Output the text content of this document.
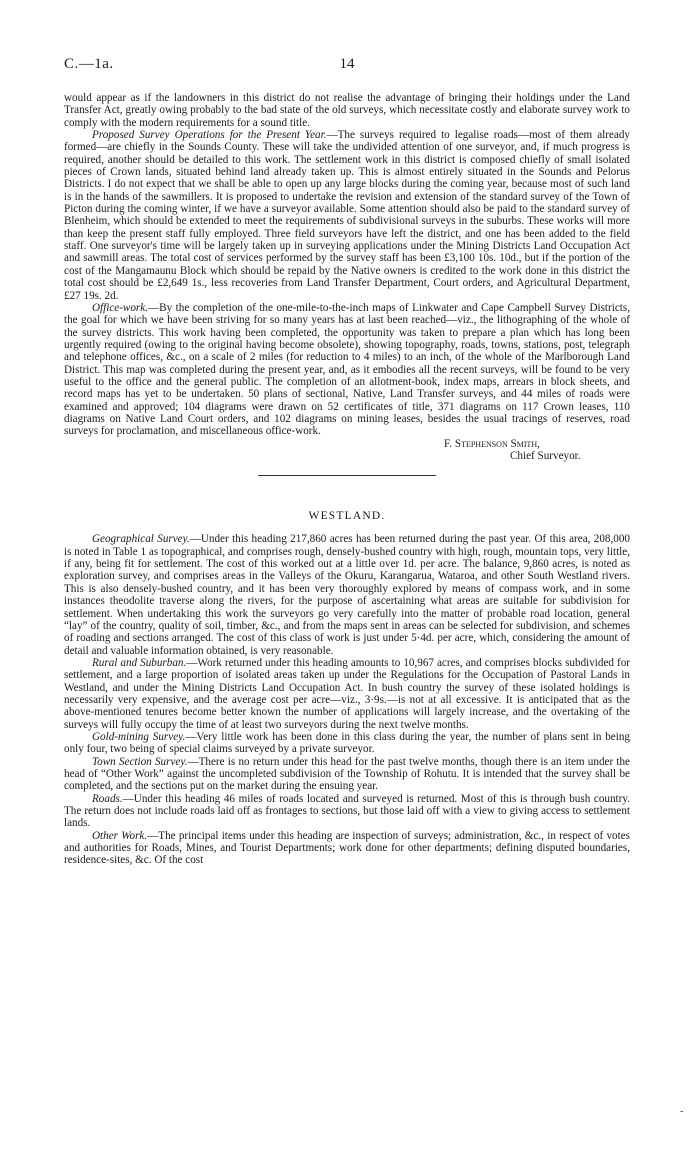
C.—1a.	14

would appear as if the landowners in this district do not realise the advantage of bringing their holdings under the Land Transfer Act, greatly owing probably to the bad state of the old surveys, which necessitate costly and elaborate survey work to comply with the modern requirements for a sound title.

Proposed Survey Operations for the Present Year.—The surveys required to legalise roads—most of them already formed—are chiefly in the Sounds County. These will take the undivided attention of one surveyor, and, if much progress is required, another should be detailed to this work. The settlement work in this district is composed chiefly of small isolated pieces of Crown lands, situated behind land already taken up. This is almost entirely situated in the Sounds and Pelorus Districts. I do not expect that we shall be able to open up any large blocks during the coming year, because most of such land is in the hands of the sawmillers. It is proposed to undertake the revision and extension of the standard survey of the Town of Picton during the coming winter, if we have a surveyor available. Some attention should also be paid to the standard survey of Blenheim, which should be extended to meet the requirements of subdivisional surveys in the suburbs. These works will more than keep the present staff fully employed. Three field surveyors have left the district, and one has been added to the field staff. One surveyor's time will be largely taken up in surveying applications under the Mining Districts Land Occupation Act and sawmill areas. The total cost of services performed by the survey staff has been £3,100 10s. 10d., but if the portion of the cost of the Mangamaunu Block which should be repaid by the Native owners is credited to the work done in this district the total cost should be £2,649 1s., less recoveries from Land Transfer Department, Court orders, and Agricultural Department, £27 19s. 2d.

Office-work.—By the completion of the one-mile-to-the-inch maps of Linkwater and Cape Campbell Survey Districts, the goal for which we have been striving for so many years has at last been reached—viz., the lithographing of the whole of the survey districts. This work having been completed, the opportunity was taken to prepare a plan which has long been urgently required (owing to the original having become obsolete), showing topography, roads, towns, stations, post, telegraph and telephone offices, &c., on a scale of 2 miles (for reduction to 4 miles) to an inch, of the whole of the Marlborough Land District. This map was completed during the present year, and, as it embodies all the recent surveys, will be found to be very useful to the office and the general public. The completion of an allotment-book, index maps, arrears in block sheets, and record maps has yet to be undertaken. 50 plans of sectional, Native, Land Transfer surveys, and 44 miles of roads were examined and approved; 104 diagrams were drawn on 52 certificates of title, 371 diagrams on 117 Crown leases, 110 diagrams on Native Land Court orders, and 102 diagrams on mining leases, besides the usual tracings of reserves, road surveys for proclamation, and miscellaneous office-work.

F. Stephenson Smith,
Chief Surveyor.
WESTLAND.

Geographical Survey.—Under this heading 217,860 acres has been returned during the past year. Of this area, 208,000 is noted in Table 1 as topographical, and comprises rough, densely-bushed country with high, rough, mountain tops, very little, if any, being fit for settlement. The cost of this worked out at a little over 1d. per acre. The balance, 9,860 acres, is noted as exploration survey, and comprises areas in the Valleys of the Okuru, Karangarua, Wataroa, and other South Westland rivers. This is also densely-bushed country, and it has been very thoroughly explored by means of compass work, and in some instances theodolite traverse along the rivers, for the purpose of ascertaining what areas are suitable for subdivision for settlement. When undertaking this work the surveyors go very carefully into the matter of probable road location, general “lay” of the country, quality of soil, timber, &c., and from the maps sent in areas can be selected for subdivision, and schemes of roading and sections arranged. The cost of this class of work is just under 5·4d. per acre, which, considering the amount of detail and valuable information obtained, is very reasonable.

Rural and Suburban.—Work returned under this heading amounts to 10,967 acres, and comprises blocks subdivided for settlement, and a large proportion of isolated areas taken up under the Regulations for the Occupation of Pastoral Lands in Westland, and under the Mining Districts Land Occupation Act. In bush country the survey of these isolated holdings is necessarily very expensive, and the average cost per acre—viz., 3·9s.—is not at all excessive. It is anticipated that as the above-mentioned tenures become better known the number of applications will largely increase, and the overtaking of the surveys will fully occupy the time of at least two surveyors during the next twelve months.

Gold-mining Survey.—Very little work has been done in this class during the year, the number of plans sent in being only four, two being of special claims surveyed by a private surveyor.

Town Section Survey.—There is no return under this head for the past twelve months, though there is an item under the head of “Other Work” against the uncompleted subdivision of the Township of Rohutu. It is intended that the survey shall be completed, and the sections put on the market during the ensuing year.

Roads.—Under this heading 46 miles of roads located and surveyed is returned. Most of this is through bush country. The return does not include roads laid off as frontages to sections, but those laid off with a view to giving access to settlement lands.

Other Work.—The principal items under this heading are inspection of surveys; administration, &c., in respect of votes and authorities for Roads, Mines, and Tourist Departments; work done for other departments; defining disputed boundaries, residence-sites, &c. Of the cost

-
